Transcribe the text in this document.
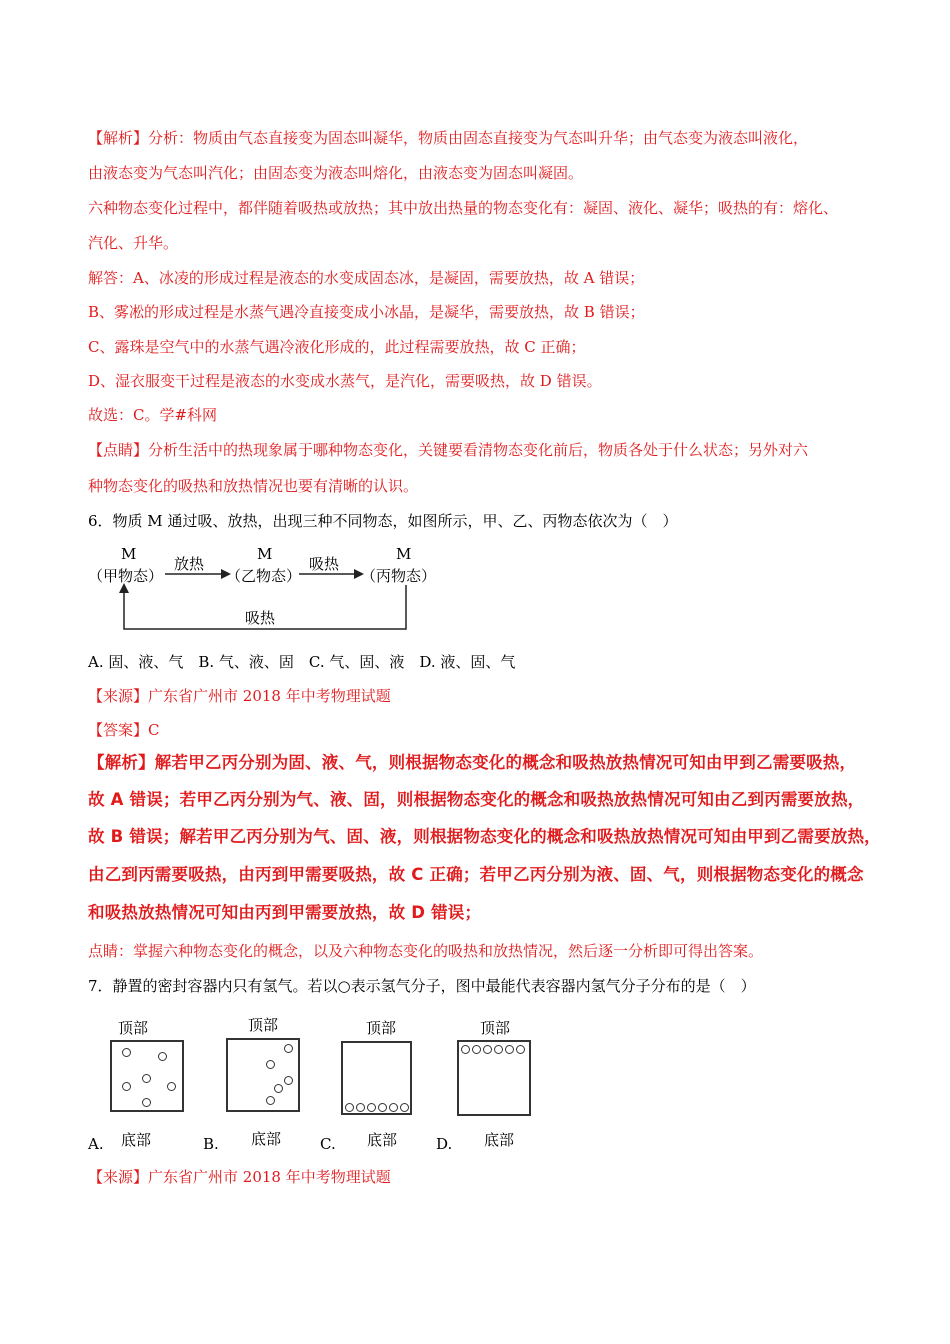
【解析】分析：物质由气态直接变为固态叫凝华，物质由固态直接变为气态叫升华；由气态变为液态叫液化，
由液态变为气态叫汽化；由固态变为液态叫熔化，由液态变为固态叫凝固。
六种物态变化过程中，都伴随着吸热或放热；其中放出热量的物态变化有：凝固、液化、凝华；吸热的有：熔化、
汽化、升华。
解答：A、冰凌的形成过程是液态的水变成固态冰，是凝固，需要放热，故 A 错误；
B、雾凇的形成过程是水蒸气遇冷直接变成小冰晶，是凝华，需要放热，故 B 错误；
C、露珠是空气中的水蒸气遇冷液化形成的，此过程需要放热，故 C 正确；
D、湿衣服变干过程是液态的水变成水蒸气，是汽化，需要吸热，故 D 错误。
故选：C。学#科网
【点睛】分析生活中的热现象属于哪种物态变化，关键要看清物态变化前后，物质各处于什么状态；另外对六
种物态变化的吸热和放热情况也要有清晰的认识。
6．物质 M 通过吸、放热，出现三种不同物态，如图所示，甲、乙、丙物态依次为（　）
M
（甲物态）
M
（乙物态）
M
（丙物态）
放热	吸热
吸热
A. 固、液、气　B. 气、液、固　C. 气、固、液　D. 液、固、气
【来源】广东省广州市 2018 年中考物理试题
【答案】C
【解析】解若甲乙丙分别为固、液、气，则根据物态变化的概念和吸热放热情况可知由甲到乙需要吸热，
故 A 错误；若甲乙丙分别为气、液、固，则根据物态变化的概念和吸热放热情况可知由乙到丙需要放热，
故 B 错误；解若甲乙丙分别为气、固、液，则根据物态变化的概念和吸热放热情况可知由甲到乙需要放热，
由乙到丙需要吸热，由丙到甲需要吸热，故 C 正确；若甲乙丙分别为液、固、气，则根据物态变化的概念
和吸热放热情况可知由丙到甲需要放热，故 D 错误；
点睛：掌握六种物态变化的概念，以及六种物态变化的吸热和放热情况，然后逐一分析即可得出答案。
7．静置的密封容器内只有氢气。若以○表示氢气分子，图中最能代表容器内氢气分子分布的是（　）
顶部
A. 底部
顶部
B. 底部
顶部
C. 底部
顶部
D. 底部
【来源】广东省广州市 2018 年中考物理试题
